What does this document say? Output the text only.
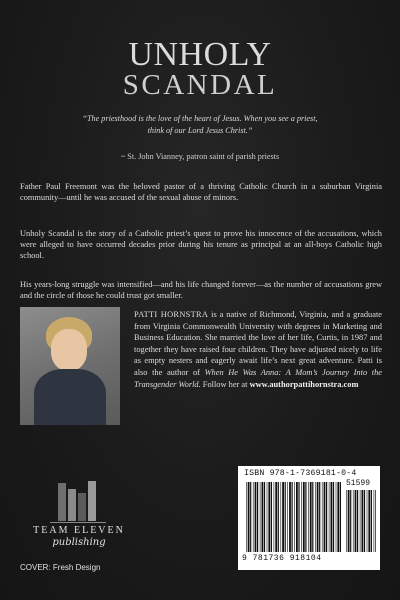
UNHOLY
SCANDAL
“The priesthood is the love of the heart of Jesus. When you see a priest, think of our Lord Jesus Christ.”
~ St. John Vianney, patron saint of parish priests
Father Paul Freemont was the beloved pastor of a thriving Catholic Church in a suburban Virginia community—until he was accused of the sexual abuse of minors.
Unholy Scandal is the story of a Catholic priest’s quest to prove his innocence of the accusations, which were alleged to have occurred decades prior during his tenure as principal at an all-boys Catholic high school.
His years-long struggle was intensified—and his life changed forever—as the number of accusations grew and the circle of those he could trust got smaller.
PATTI HORNSTRA is a native of Richmond, Virginia, and a graduate from Virginia Commonwealth University with degrees in Marketing and Business Education. She married the love of her life, Curtis, in 1987 and together they have raised four children. They have adjusted nicely to life as empty nesters and eagerly await life’s next great adventure. Patti is also the author of When He Was Anna: A Mom’s Journey Into the Transgender World. Follow her at www.authorpattihornstra.com
TEAM ELEVEN
publishing
COVER: Fresh Design
ISBN 978-1-7369181-0-4
51599
9 781736 918104
